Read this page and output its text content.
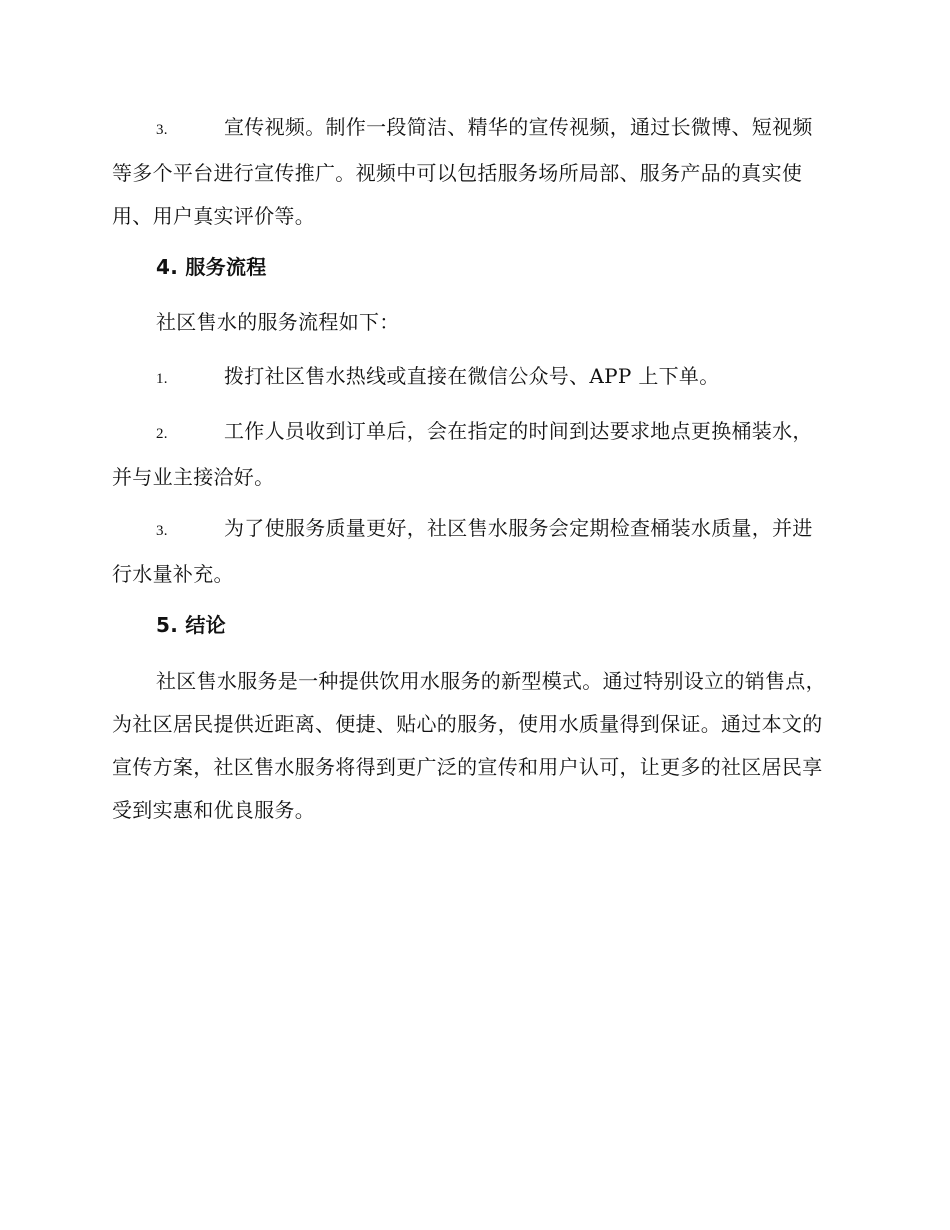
3.	宣传视频。制作一段简洁、精华的宣传视频，通过长微博、短视频等多个平台进行宣传推广。视频中可以包括服务场所局部、服务产品的真实使用、用户真实评价等。
4. 服务流程
社区售水的服务流程如下：
1.	拨打社区售水热线或直接在微信公众号、APP 上下单。
2.	工作人员收到订单后，会在指定的时间到达要求地点更换桶装水，并与业主接洽好。
3.	为了使服务质量更好，社区售水服务会定期检查桶装水质量，并进行水量补充。
5. 结论
社区售水服务是一种提供饮用水服务的新型模式。通过特别设立的销售点，为社区居民提供近距离、便捷、贴心的服务，使用水质量得到保证。通过本文的宣传方案，社区售水服务将得到更广泛的宣传和用户认可，让更多的社区居民享受到实惠和优良服务。
